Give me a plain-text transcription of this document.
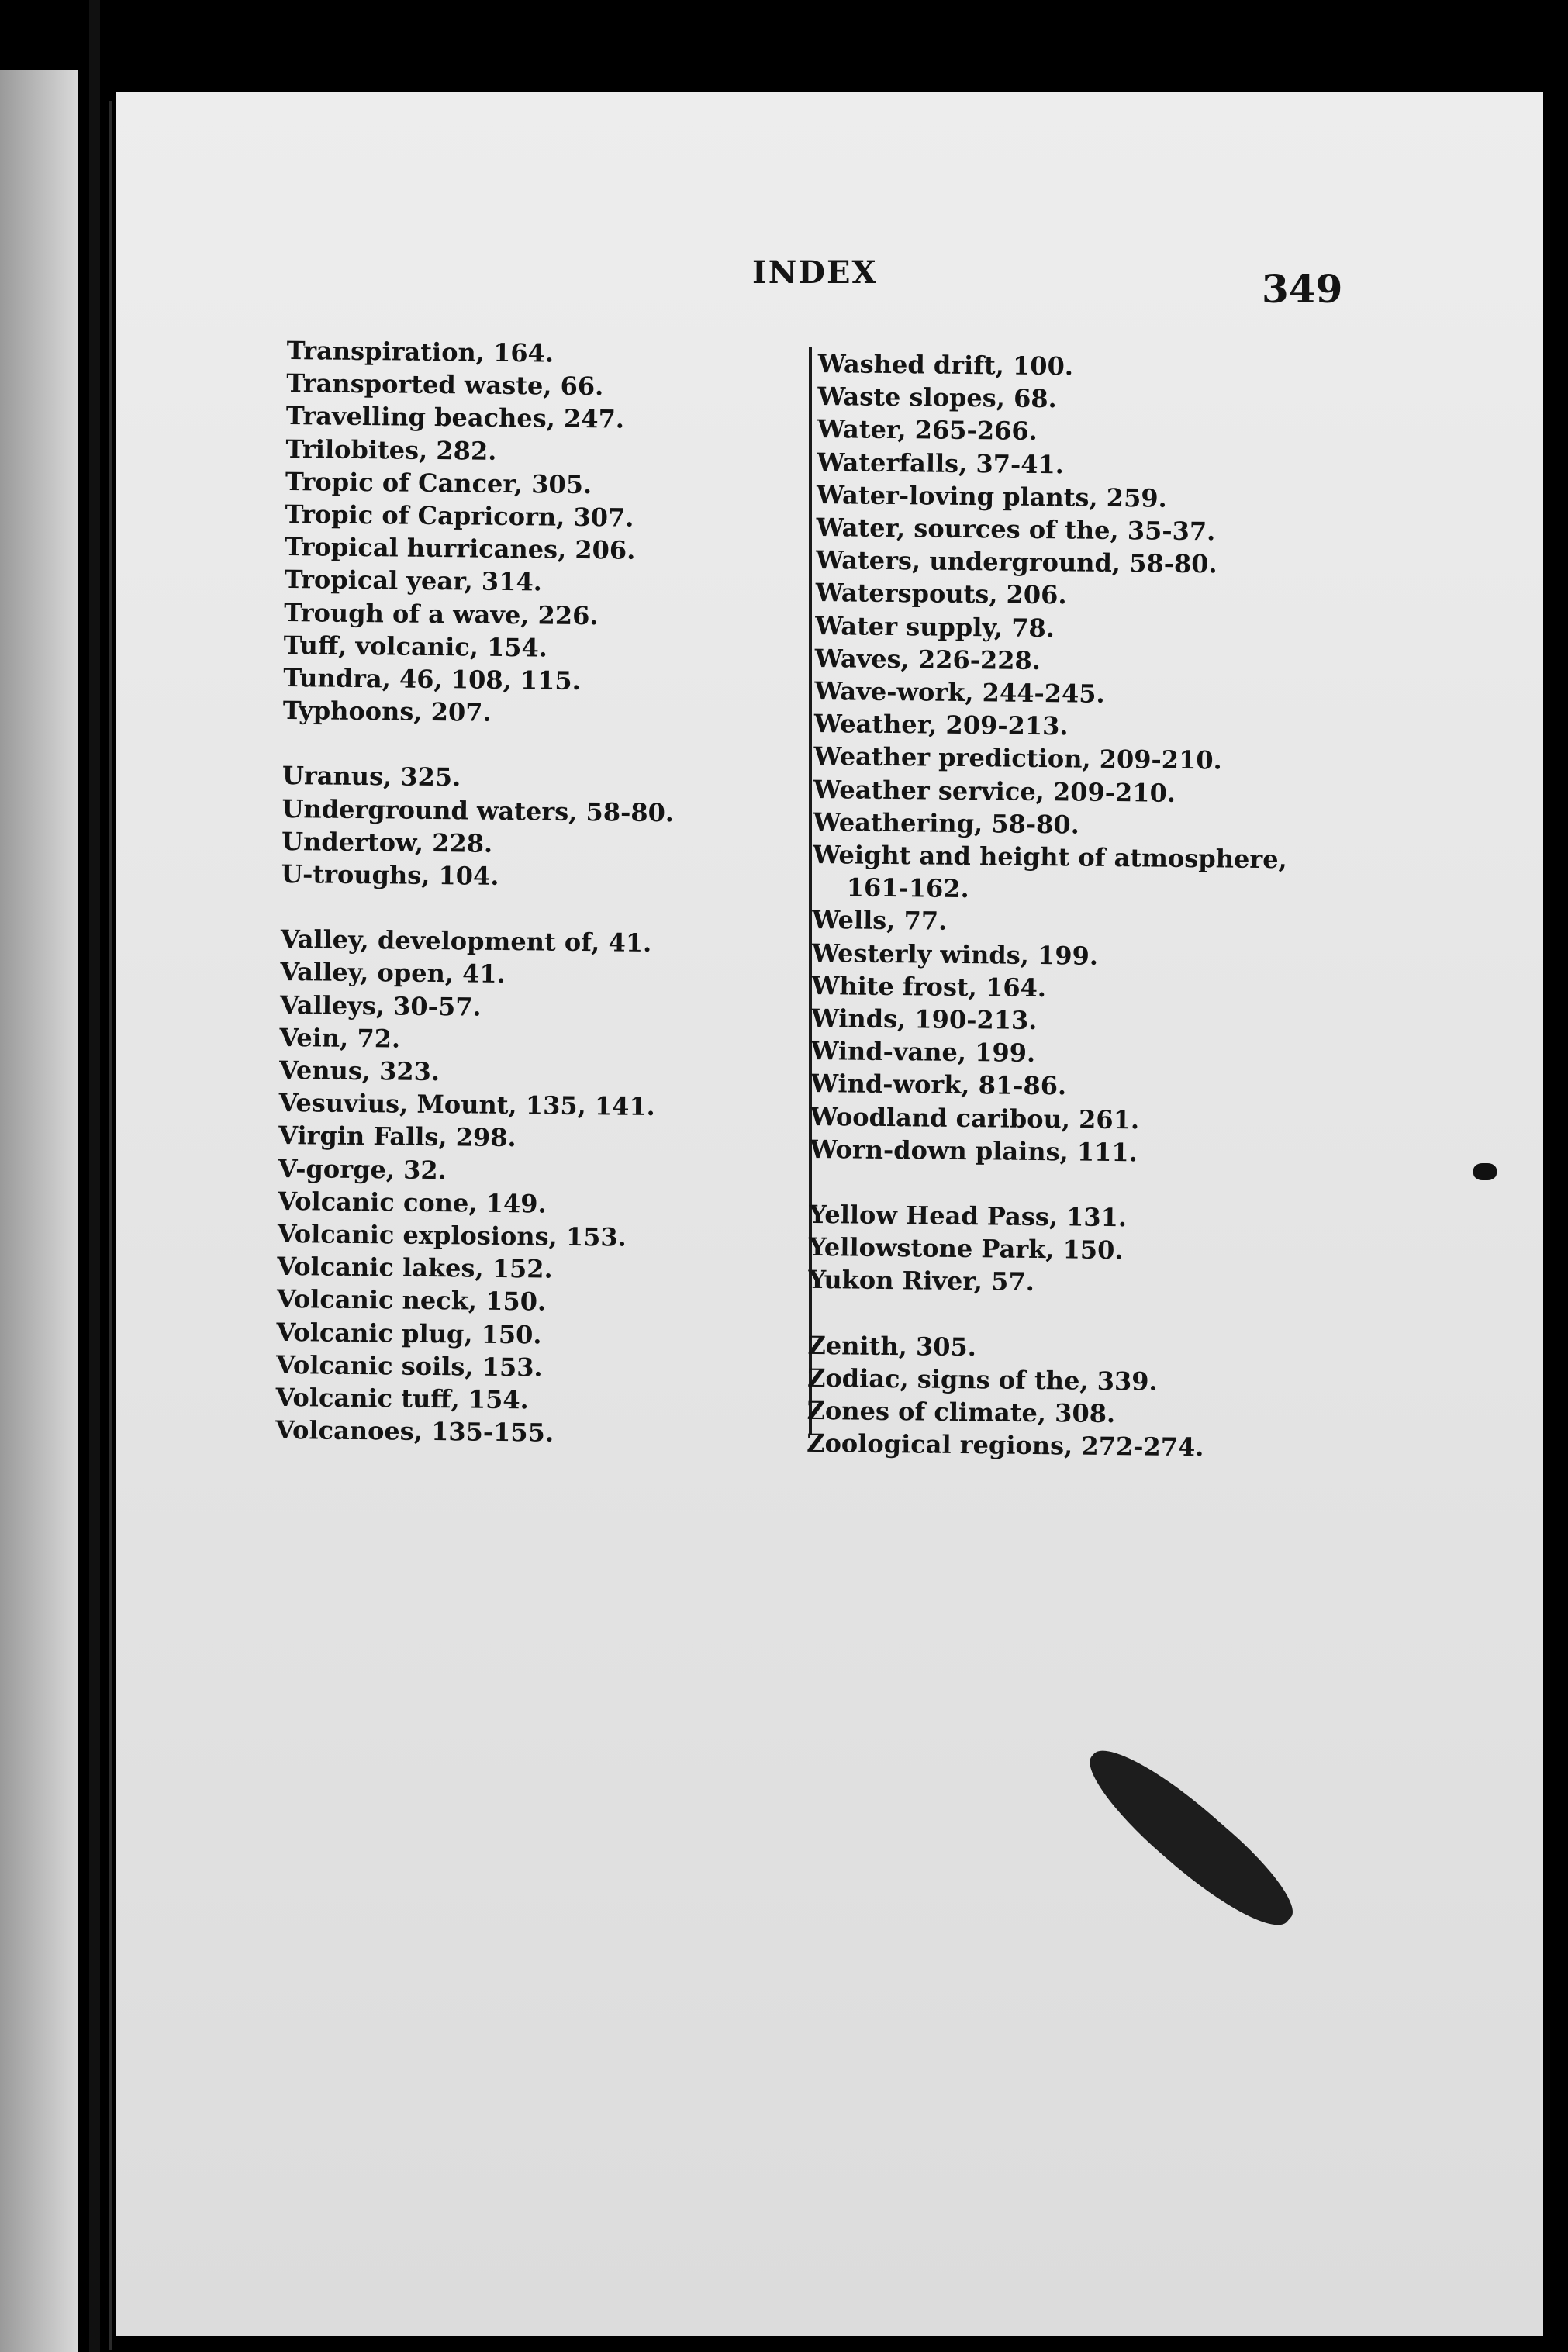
INDEX	349
Transpiration, 164.
Transported waste, 66.
Travelling beaches, 247.
Trilobites, 282.
Tropic of Cancer, 305.
Tropic of Capricorn, 307.
Tropical hurricanes, 206.
Tropical year, 314.
Trough of a wave, 226.
Tuff, volcanic, 154.
Tundra, 46, 108, 115.
Typhoons, 207.
Uranus, 325.
Underground waters, 58-80.
Undertow, 228.
U-troughs, 104.
Valley, development of, 41.
Valley, open, 41.
Valleys, 30-57.
Vein, 72.
Venus, 323.
Vesuvius, Mount, 135, 141.
Virgin Falls, 298.
V-gorge, 32.
Volcanic cone, 149.
Volcanic explosions, 153.
Volcanic lakes, 152.
Volcanic neck, 150.
Volcanic plug, 150.
Volcanic soils, 153.
Volcanic tuff, 154.
Volcanoes, 135-155.
Washed drift, 100.
Waste slopes, 68.
Water, 265-266.
Waterfalls, 37-41.
Water-loving plants, 259.
Water, sources of the, 35-37.
Waters, underground, 58-80.
Waterspouts, 206.
Water supply, 78.
Waves, 226-228.
Wave-work, 244-245.
Weather, 209-213.
Weather prediction, 209-210.
Weather service, 209-210.
Weathering, 58-80.
Weight and height of atmosphere,
161-162.
Wells, 77.
Westerly winds, 199.
White frost, 164.
Winds, 190-213.
Wind-vane, 199.
Wind-work, 81-86.
Woodland caribou, 261.
Worn-down plains, 111.
Yellow Head Pass, 131.
Yellowstone Park, 150.
Yukon River, 57.
Zenith, 305.
Zodiac, signs of the, 339.
Zones of climate, 308.
Zoological regions, 272-274.
